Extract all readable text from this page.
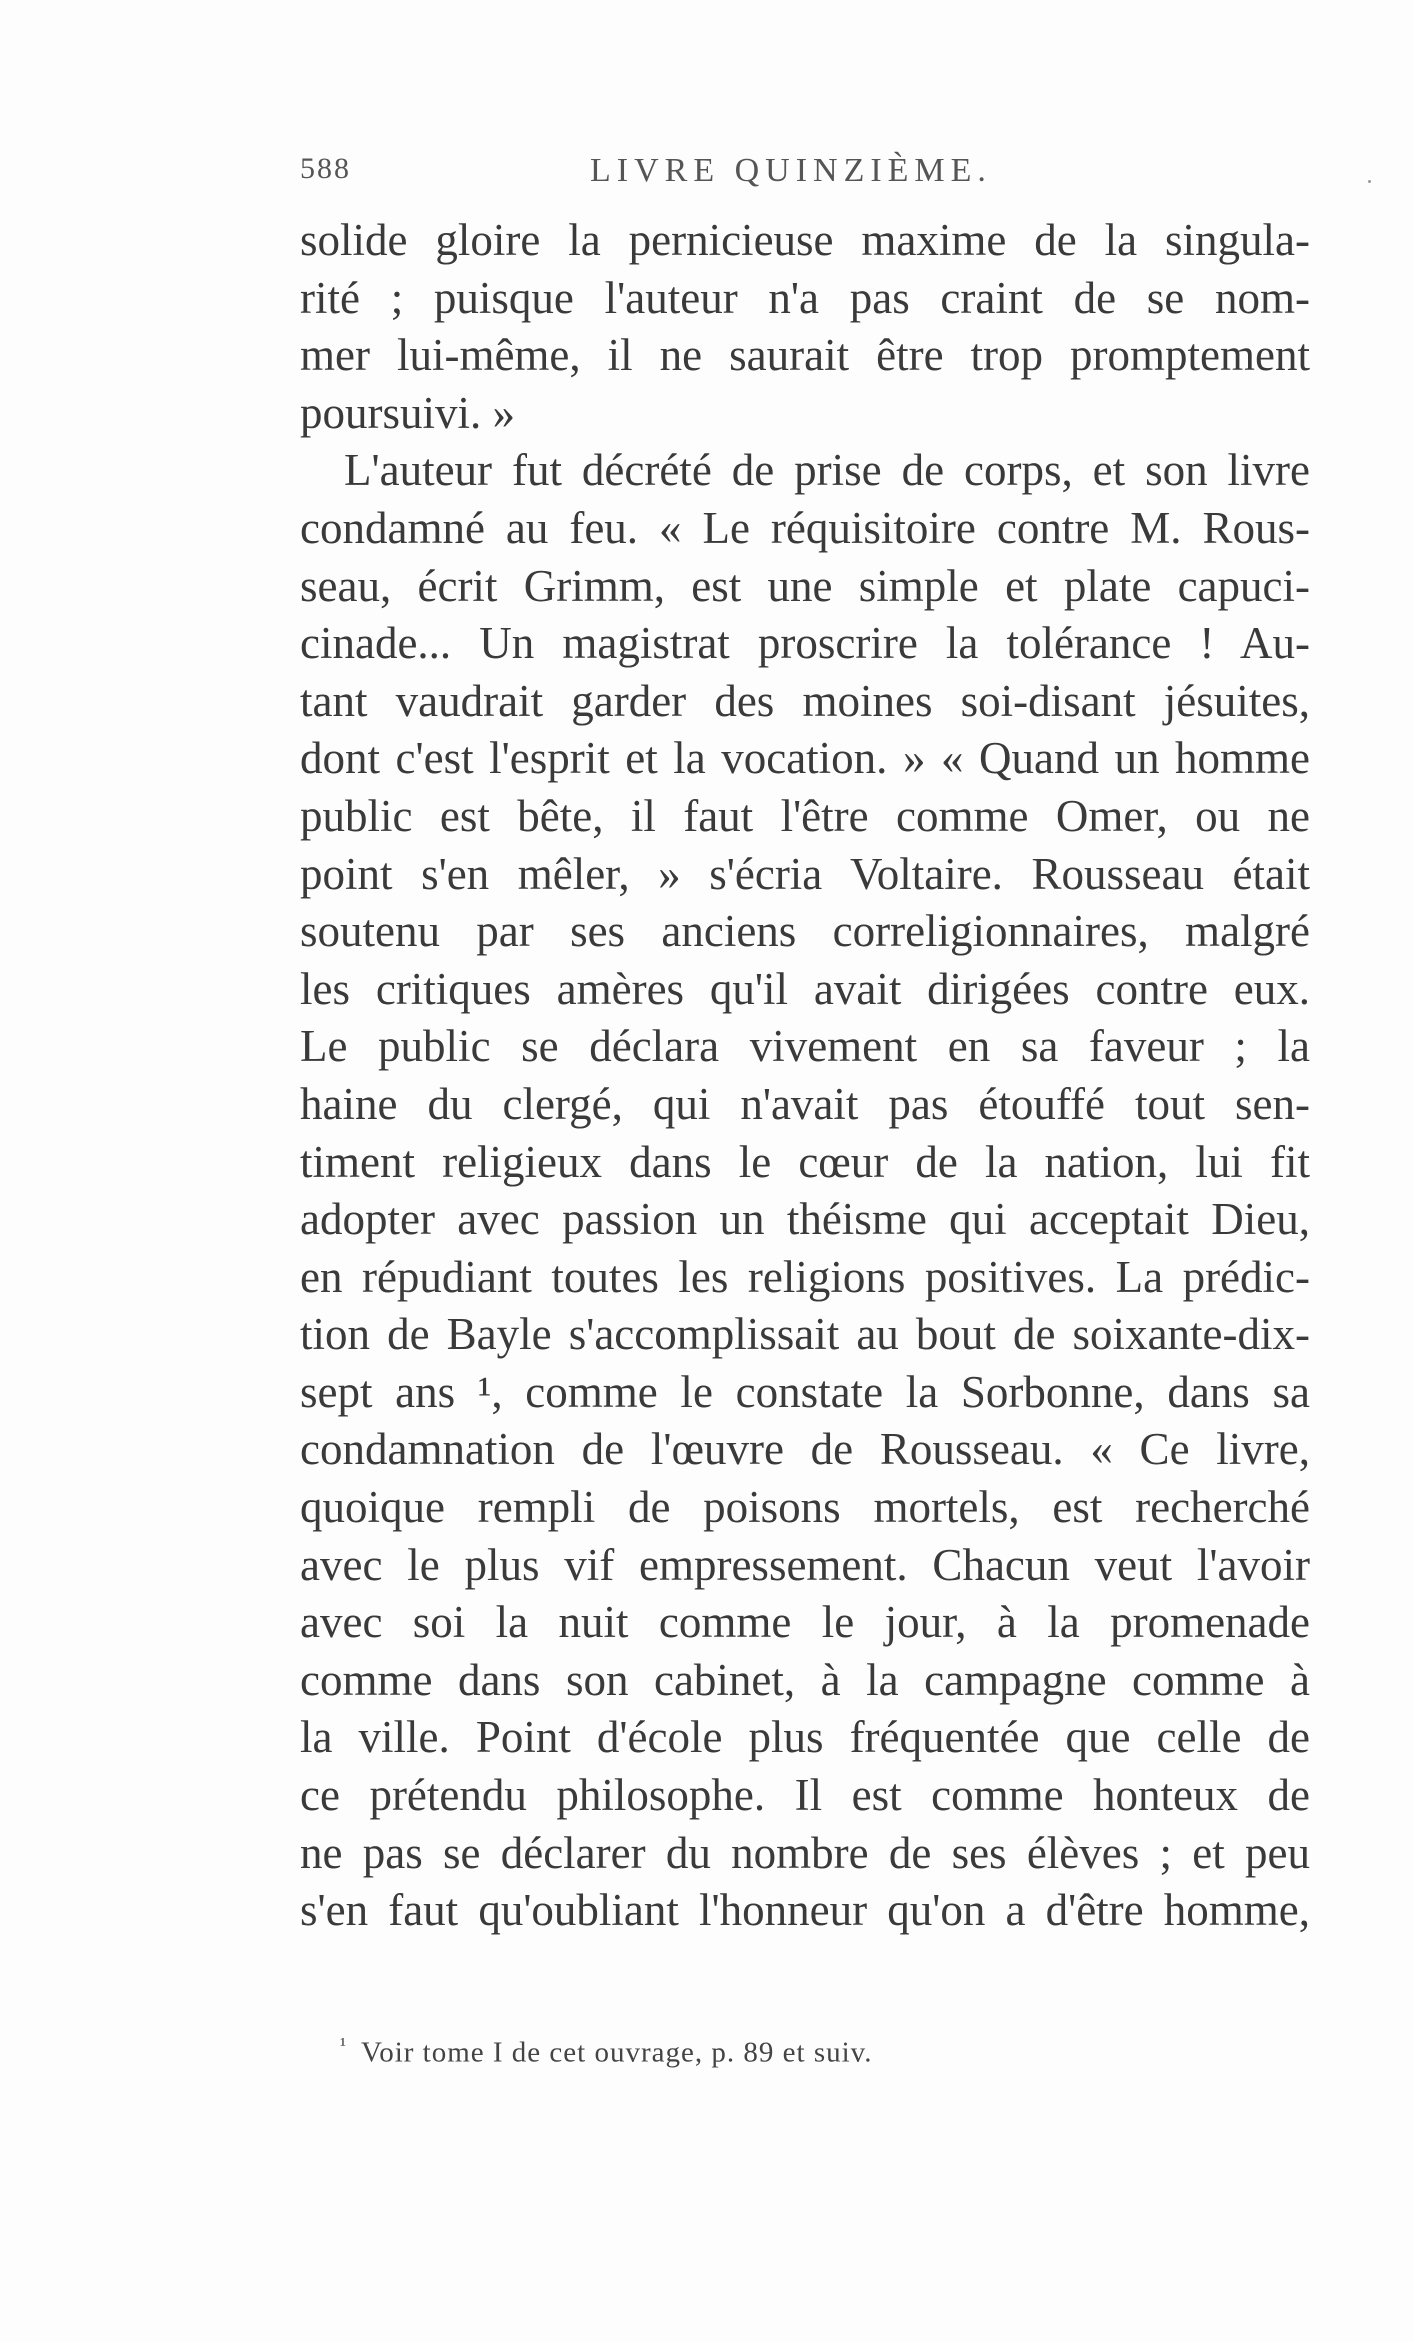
588	LIVRE QUINZIÈME.
solide gloire la pernicieuse maxime de la singula-
rité ; puisque l'auteur n'a pas craint de se nom-
mer lui-même, il ne saurait être trop promptement
poursuivi. »
L'auteur fut décrété de prise de corps, et son livre
condamné au feu. « Le réquisitoire contre M. Rous-
seau, écrit Grimm, est une simple et plate capuci-
cinade... Un magistrat proscrire la tolérance ! Au-
tant vaudrait garder des moines soi-disant jésuites,
dont c'est l'esprit et la vocation. » « Quand un homme
public est bête, il faut l'être comme Omer, ou ne
point s'en mêler, » s'écria Voltaire. Rousseau était
soutenu par ses anciens correligionnaires, malgré
les critiques amères qu'il avait dirigées contre eux.
Le public se déclara vivement en sa faveur ; la
haine du clergé, qui n'avait pas étouffé tout sen-
timent religieux dans le cœur de la nation, lui fit
adopter avec passion un théisme qui acceptait Dieu,
en répudiant toutes les religions positives. La prédic-
tion de Bayle s'accomplissait au bout de soixante-dix-
sept ans ¹, comme le constate la Sorbonne, dans sa
condamnation de l'œuvre de Rousseau. « Ce livre,
quoique rempli de poisons mortels, est recherché
avec le plus vif empressement. Chacun veut l'avoir
avec soi la nuit comme le jour, à la promenade
comme dans son cabinet, à la campagne comme à
la ville. Point d'école plus fréquentée que celle de
ce prétendu philosophe. Il est comme honteux de
ne pas se déclarer du nombre de ses élèves ; et peu
s'en faut qu'oubliant l'honneur qu'on a d'être homme,
$^{^1}$ Voir tome I de cet ouvrage, p. 89 et suiv.
